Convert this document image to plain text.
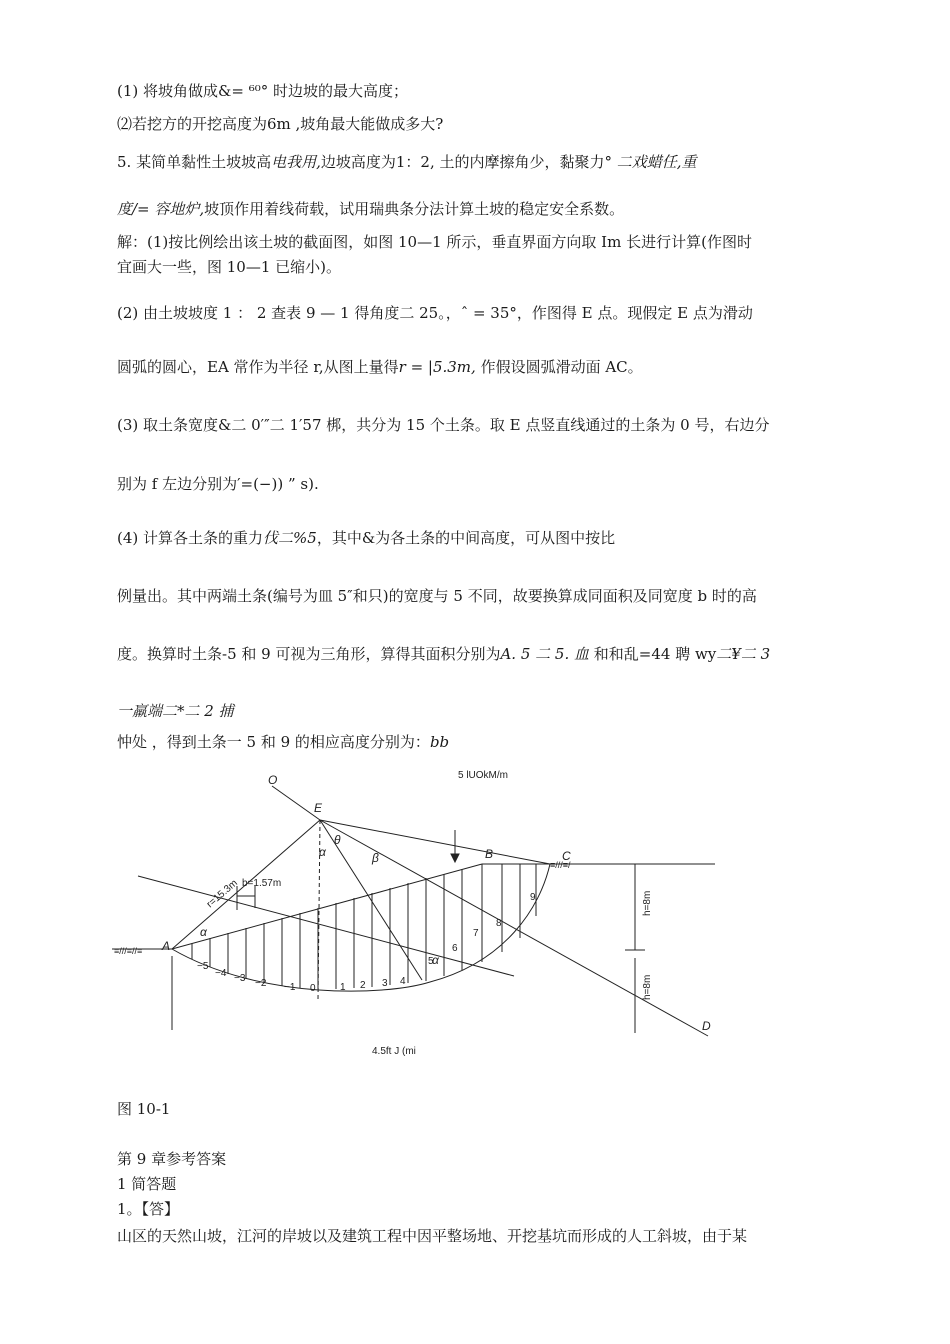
(1) 将坡角做成&= ⁶⁰° 时边坡的最大高度；
⑵若挖方的开挖高度为6m ,坡角最大能做成多大?
5. 某简单黏性土坡坡高电我用,边坡高度为1：2, 土的内摩擦角少，黏聚力° 二戏蜡任,重
度/= 容地炉,坡顶作用着线荷载，试用瑞典条分法计算土坡的稳定安全系数。
解：(1)按比例绘出该土坡的截面图，如图 10—1 所示，垂直界面方向取 Im 长进行计算(作图时
宜画大一些，图 10—1 已缩小)。
(2) 由土坡坡度 1 ： 2 查表 9 — 1 得角度二 25。，ˆ = 35°，作图得 E 点。现假定 E 点为滑动
圆弧的圆心，EA 常作为半径 r,从图上量得r = |5.3m, 作假设圆弧滑动面 AC。
(3) 取土条宽度&二 0′″二 1′57 梆，共分为 15 个土条。取 E 点竖直线通过的土条为 0 号，右边分
别为 f 左边分别为′=(−)) ” s).
(4) 计算各土条的重力伐二%5，其中&为各土条的中间高度，可从图中按比
例量出。其中两端土条(编号为皿 5″和只)的宽度与 5 不同，故要换算成同面积及同宽度 b 时的高
度。换算时土条-5 和 9 可视为三角形，算得其面积分别为A. 5 二 5. 血 和和乱=44 聘 wy二¥二 3
一羸端二*二 2 捕
忡处 ，得到土条一 5 和 9 的相应高度分别为：bb
≡///≡//≡
≡///≡/
E
O
B	C
A
D
θ
α
α
α
β
5 lUOkM/m
4.5ft J (mi
r=15.3m b=1.57m
h=8m
h=8m
−5
−4 −3 −2 −1 0 1 2 3 4
5
6
7
8
9
图 10-1
第 9 章参考答案
1 简答题
1。【答】
山区的天然山坡，江河的岸坡以及建筑工程中因平整场地、开挖基坑而形成的人工斜坡，由于某
